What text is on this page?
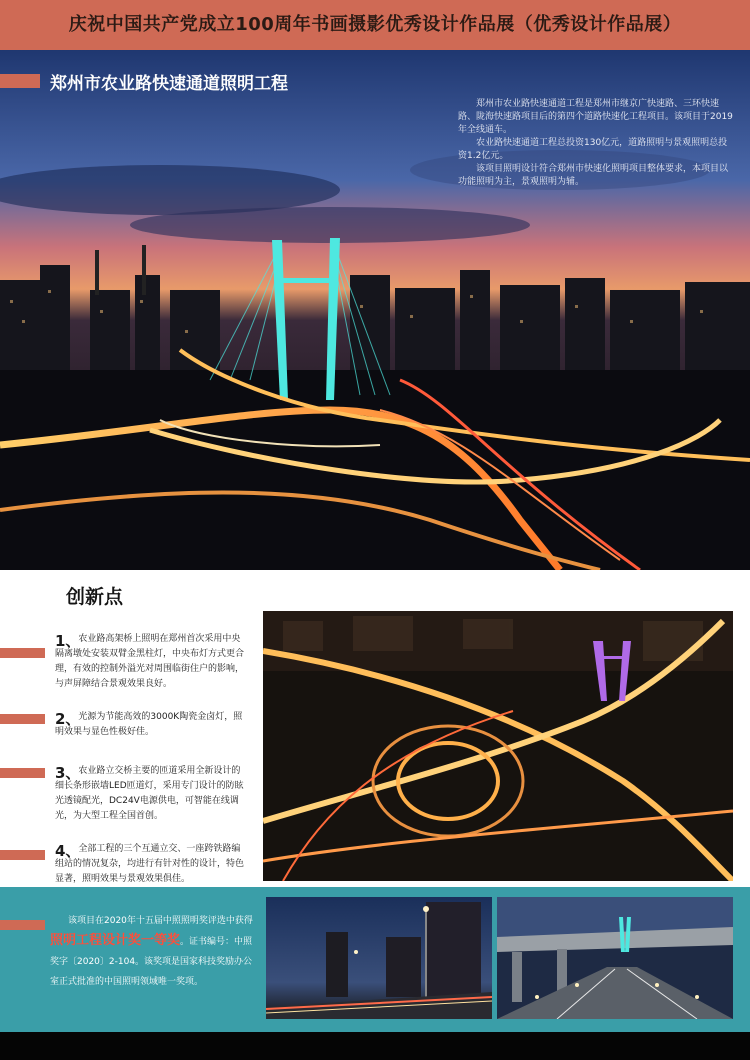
庆祝中国共产党成立100周年书画摄影优秀设计作品展（优秀设计作品展）
郑州市农业路快速通道照明工程

郑州市农业路快速通道工程是郑州市继京广快速路、三环快速路、陇海快速路项目后的第四个道路快速化工程项目。该项目于2019年全线通车。

农业路快速通道工程总投资130亿元，道路照明与景观照明总投资1.2亿元。

该项目照明设计符合郑州市快速化照明项目整体要求，本项目以功能照明为主，景观照明为辅。

创新点
1、
农业路高架桥上照明在郑州首次采用中央隔离墩处安装双臂金黑柱灯，中央布灯方式更合理，有效的控制外溢光对周围临街住户的影响，与声屏障结合景观效果良好。
2、
光源为节能高效的3000K陶瓷金卤灯，照明效果与显色性极好佳。
3、
农业路立交桥主要的匝道采用全新设计的细长条形嵌墙LED匝道灯，采用专门设计的防眩光透镜配光，DC24V电源供电，可智能在线调光，为大型工程全国首创。
4、
全部工程的三个互通立交、一座跨铁路编组站的情况复杂，均进行有针对性的设计，特色显著，照明效果与景观效果俱佳。
该项目在2020年十五届中照照明奖评选中获得照明工程设计奖一等奖。证书编号：中照奖字〔2020〕2-104。该奖项是国家科技奖励办公室正式批准的中国照明领域唯一奖项。
